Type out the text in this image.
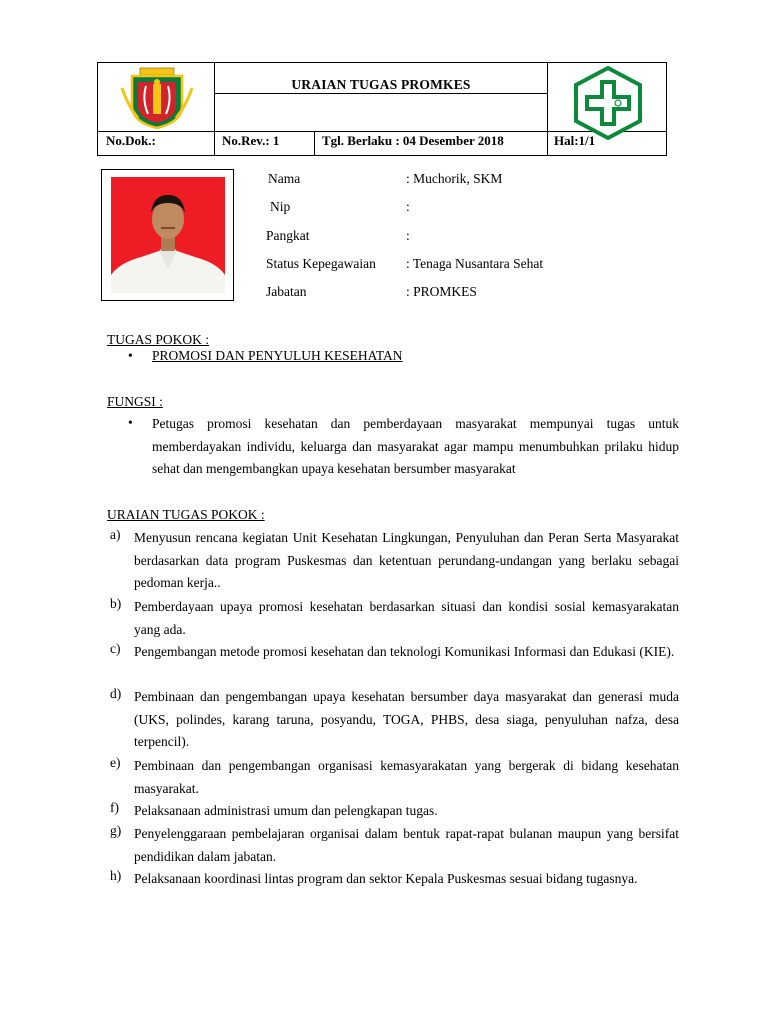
URAIAN TUGAS PROMKES
No.Dok.:	No.Rev.: 1	Tgl. Berlaku : 04 Desember 2018	Hal:1/1
Nama	: Muchorik, SKM
Nip	:
Pangkat	:
Status Kepegawaian : Tenaga Nusantara Sehat
Jabatan	: PROMKES
TUGAS POKOK :
• PROMOSI DAN PENYULUH KESEHATAN
FUNGSI :
• Petugas promosi kesehatan dan pemberdayaan masyarakat mempunyai tugas untuk memberdayakan individu, keluarga dan masyarakat agar mampu menumbuhkan prilaku hidup sehat dan mengembangkan upaya kesehatan bersumber masyarakat
URAIAN TUGAS POKOK :
a) Menyusun rencana kegiatan Unit Kesehatan Lingkungan, Penyuluhan dan Peran Serta Masyarakat berdasarkan data program Puskesmas dan ketentuan perundang-undangan yang berlaku sebagai pedoman kerja..
b) Pemberdayaan upaya promosi kesehatan berdasarkan situasi dan kondisi sosial kemasyarakatan yang ada.
c) Pengembangan metode promosi kesehatan dan teknologi Komunikasi Informasi dan Edukasi (KIE).
d) Pembinaan dan pengembangan upaya kesehatan bersumber daya masyarakat dan generasi muda (UKS, polindes, karang taruna, posyandu, TOGA, PHBS, desa siaga, penyuluhan nafza, desa terpencil).
e) Pembinaan dan pengembangan organisasi kemasyarakatan yang bergerak di bidang kesehatan masyarakat.
f) Pelaksanaan administrasi umum dan pelengkapan tugas.
g) Penyelenggaraan pembelajaran organisai dalam bentuk rapat-rapat bulanan maupun yang bersifat pendidikan dalam jabatan.
h) Pelaksanaan koordinasi lintas program dan sektor Kepala Puskesmas sesuai bidang tugasnya.
